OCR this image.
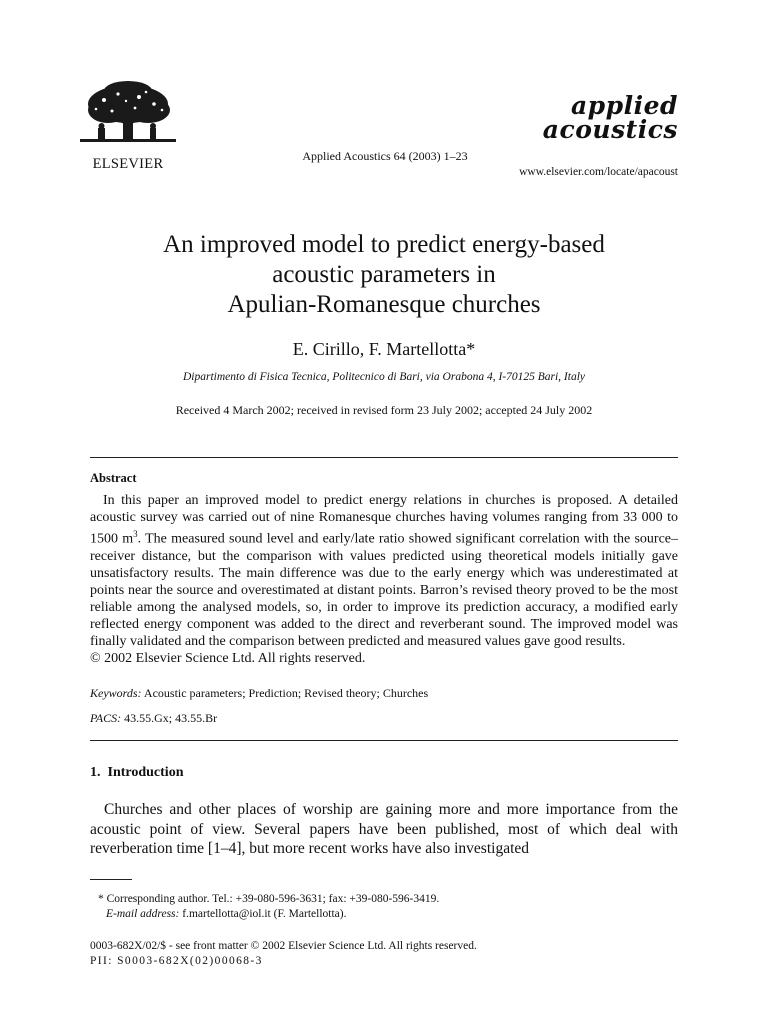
ELSEVIER	Applied Acoustics 64 (2003) 1–23
applied
acoustics
www.elsevier.com/locate/apacoust
An improved model to predict energy-based
acoustic parameters in
Apulian-Romanesque churches
E. Cirillo, F. Martellotta*
Dipartimento di Fisica Tecnica, Politecnico di Bari, via Orabona 4, I-70125 Bari, Italy
Received 4 March 2002; received in revised form 23 July 2002; accepted 24 July 2002
Abstract

In this paper an improved model to predict energy relations in churches is proposed. A detailed acoustic survey was carried out of nine Romanesque churches having volumes ranging from 33 000 to 1500 $m^3$. The measured sound level and early/late ratio showed significant correlation with the source–receiver distance, but the comparison with values predicted using theoretical models initially gave unsatisfactory results. The main difference was due to the early energy which was underestimated at points near the source and overestimated at distant points. Barron’s revised theory proved to be the most reliable among the analysed models, so, in order to improve its prediction accuracy, a modified early reflected energy component was added to the direct and reverberant sound. The improved model was finally validated and the comparison between predicted and measured values gave good results.

© 2002 Elsevier Science Ltd. All rights reserved.

Keywords: Acoustic parameters; Prediction; Revised theory; Churches
PACS: 43.55.Gx; 43.55.Br
1.  Introduction

Churches and other places of worship are gaining more and more importance from the acoustic point of view. Several papers have been published, most of which deal with reverberation time [1–4], but more recent works have also investigated

* Corresponding author. Tel.: +39-080-596-3631; fax: +39-080-596-3419.
E-mail address: f.martellotta@iol.it (F. Martellotta).
0003-682X/02/$ - see front matter © 2002 Elsevier Science Ltd. All rights reserved.
PII: S0003-682X(02)00068-3
